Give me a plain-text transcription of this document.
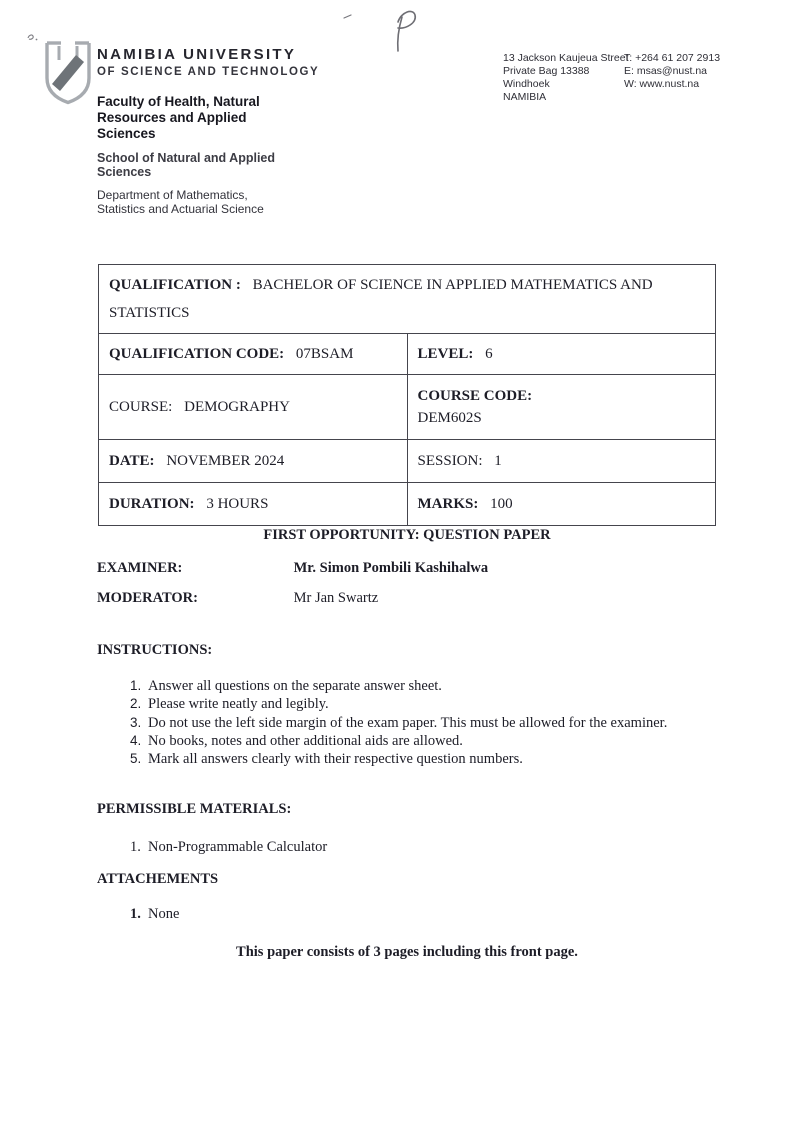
NAMIBIA UNIVERSITY
OF SCIENCE AND TECHNOLOGY
Faculty of Health, Natural Resources and Applied Sciences
School of Natural and Applied Sciences
Department of Mathematics, Statistics and Actuarial Science
13 Jackson Kaujeua Street
Private Bag 13388
Windhoek
NAMIBIA
T: +264 61 207 2913
E: msas@nust.na
W: www.nust.na
QUALIFICATION : BACHELOR OF SCIENCE IN APPLIED MATHEMATICS AND STATISTICS	
QUALIFICATION CODE: 07BSAM	LEVEL: 6
COURSE: DEMOGRAPHY	COURSE CODE:
DEM602S

DATE: NOVEMBER 2024	SESSION: 1
DURATION: 3 HOURS	MARKS: 100
FIRST OPPORTUNITY: QUESTION PAPER
EXAMINER:	Mr. Simon Pombili Kashihalwa
MODERATOR:	Mr Jan Swartz
INSTRUCTIONS:
Answer all questions on the separate answer sheet.
Please write neatly and legibly.
Do not use the left side margin of the exam paper. This must be allowed for the examiner.
No books, notes and other additional aids are allowed.
Mark all answers clearly with their respective question numbers.
PERMISSIBLE MATERIALS:
Non-Programmable Calculator
ATTACHEMENTS
None
This paper consists of 3 pages including this front page.
